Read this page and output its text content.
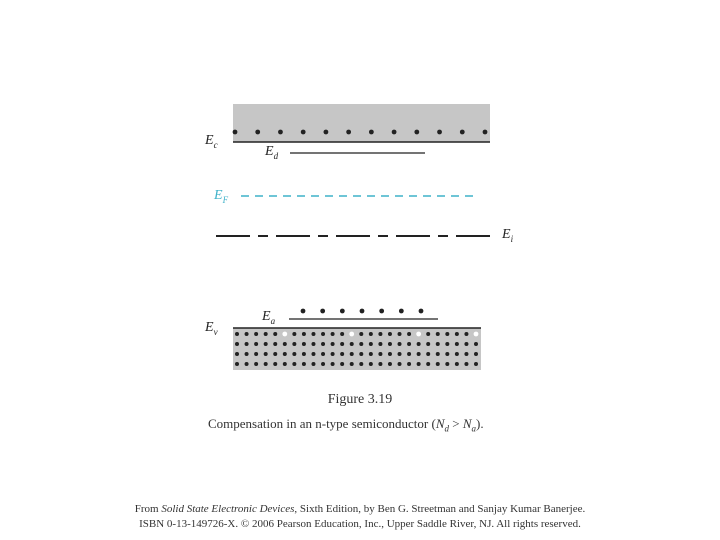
$E_c$	$E_d$
$E_F$
$E_i$
$E_a$
$E_v$
Figure 3.19
Compensation in an n-type semiconductor $(N_d > N_a)$.
From Solid State Electronic Devices, Sixth Edition, by Ben G. Streetman and Sanjay Kumar Banerjee.
ISBN 0-13-149726-X. © 2006 Pearson Education, Inc., Upper Saddle River, NJ. All rights reserved.
